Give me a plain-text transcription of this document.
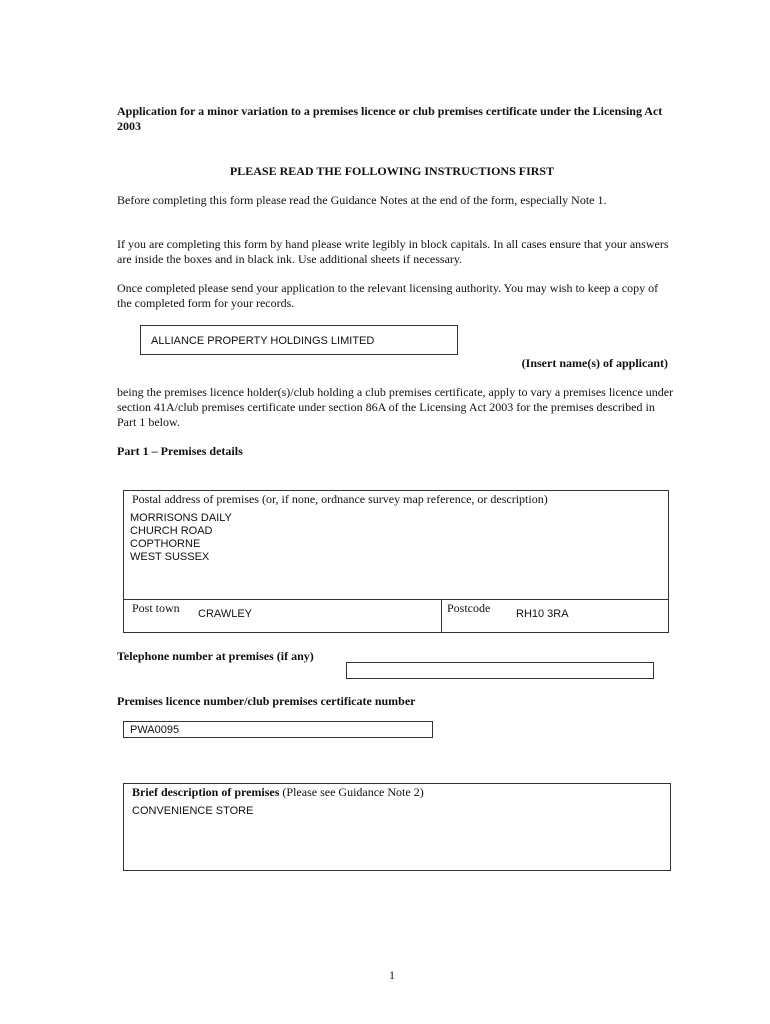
Application for a minor variation to a premises licence or club premises certificate under the Licensing Act 2003
PLEASE READ THE FOLLOWING INSTRUCTIONS FIRST
Before completing this form please read the Guidance Notes at the end of the form, especially Note 1.
If you are completing this form by hand please write legibly in block capitals. In all cases ensure that your answers are inside the boxes and in black ink. Use additional sheets if necessary.
Once completed please send your application to the relevant licensing authority. You may wish to keep a copy of the completed form for your records.
ALLIANCE PROPERTY HOLDINGS LIMITED
(Insert name(s) of applicant)
being the premises licence holder(s)/club holding a club premises certificate, apply to vary a premises licence under section 41A/club premises certificate under section 86A of the Licensing Act 2003 for the premises described in Part 1 below.
Part 1 – Premises details
Postal address of premises (or, if none, ordnance survey map reference, or description)
MORRISONS DAILY
CHURCH ROAD
COPTHORNE
WEST SUSSEX
Post town CRAWLEY	Postcode RH10 3RA
Telephone number at premises (if any)
Premises licence number/club premises certificate number
PWA0095
Brief description of premises (Please see Guidance Note 2)
CONVENIENCE STORE
1
